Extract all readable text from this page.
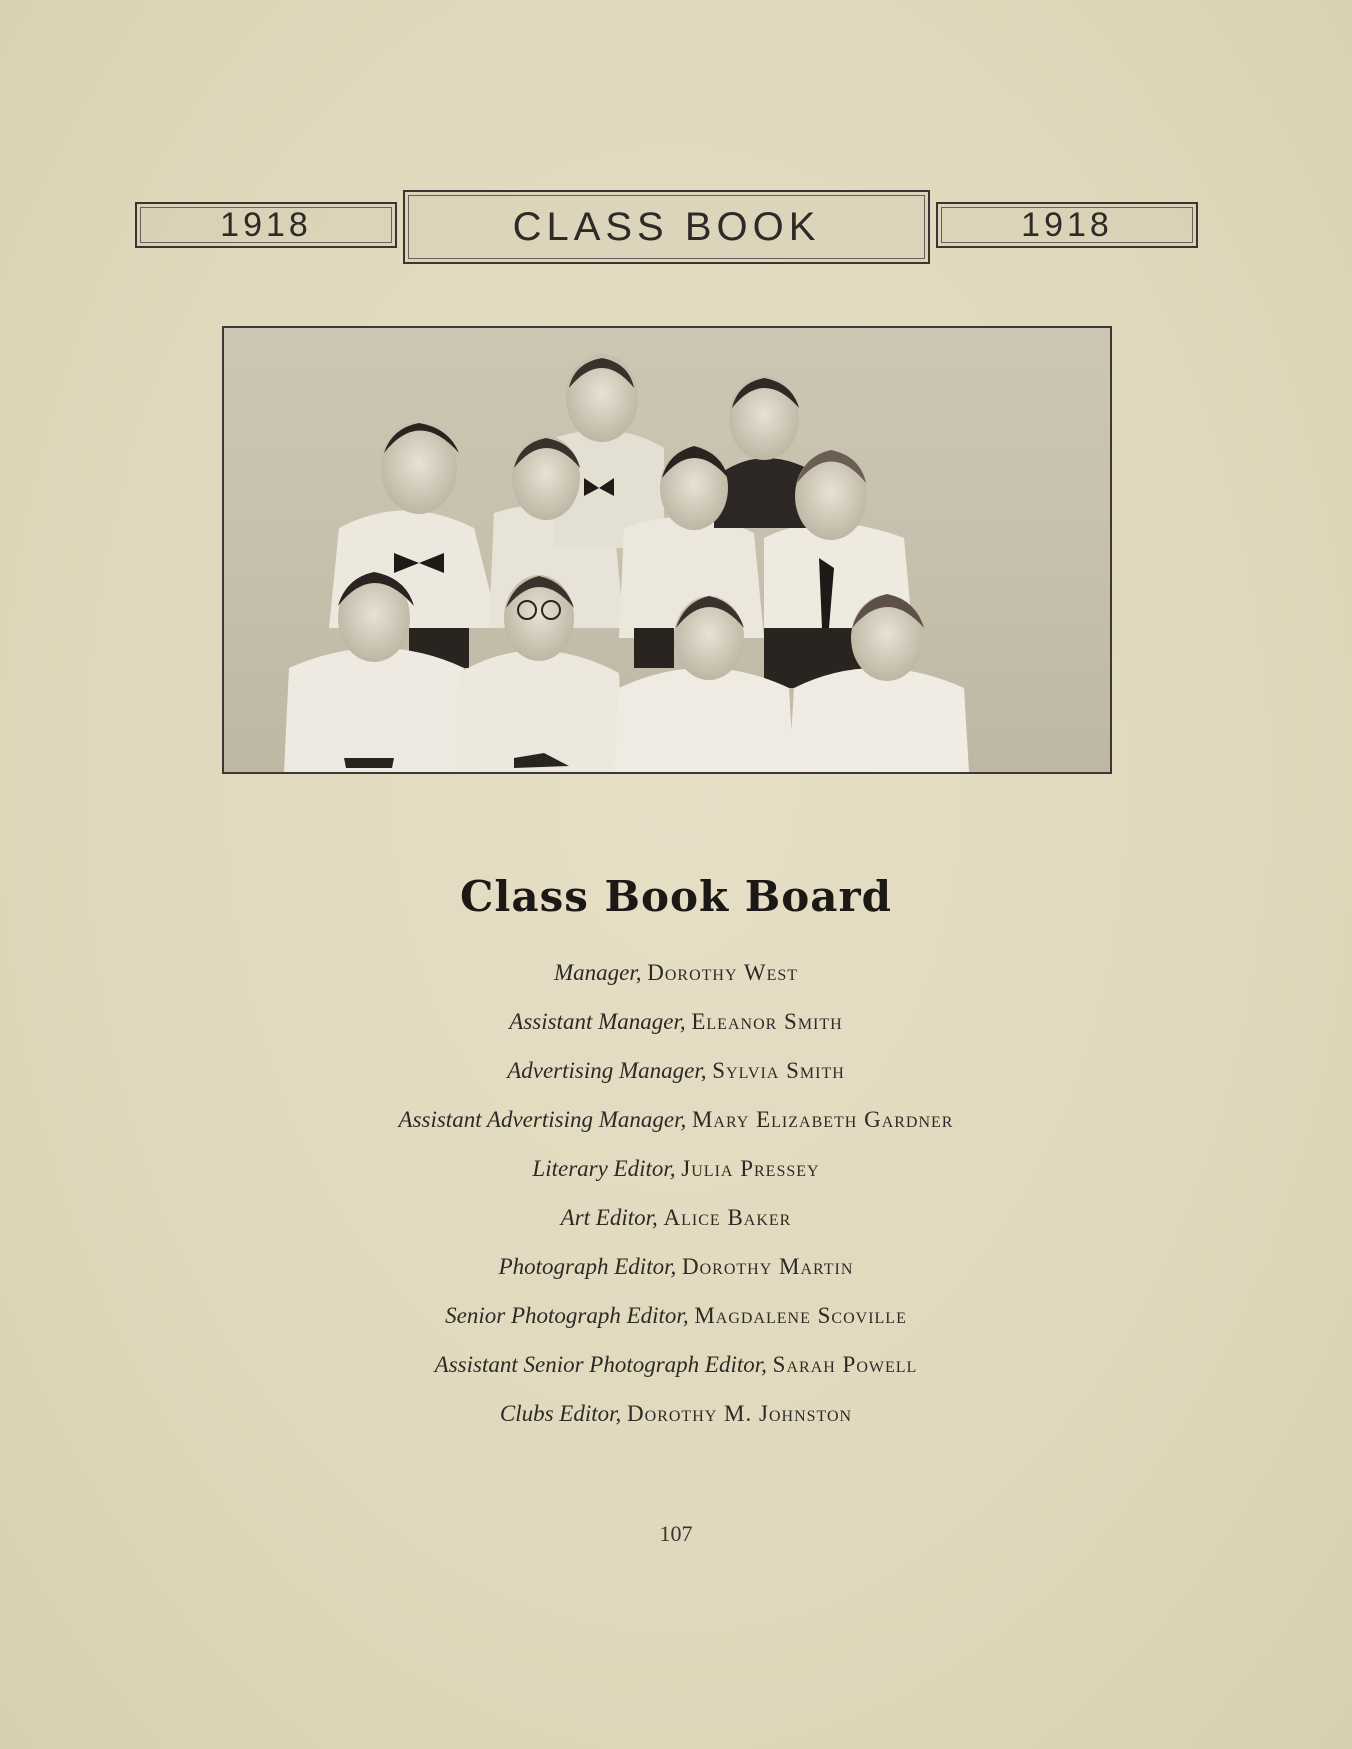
1918	CLASS BOOK	1918
Class Book Board
Manager, Dorothy West
Assistant Manager, Eleanor Smith
Advertising Manager, Sylvia Smith
Assistant Advertising Manager, Mary Elizabeth Gardner
Literary Editor, Julia Pressey
Art Editor, Alice Baker
Photograph Editor, Dorothy Martin
Senior Photograph Editor, Magdalene Scoville
Assistant Senior Photograph Editor, Sarah Powell
Clubs Editor, Dorothy M. Johnston
107
